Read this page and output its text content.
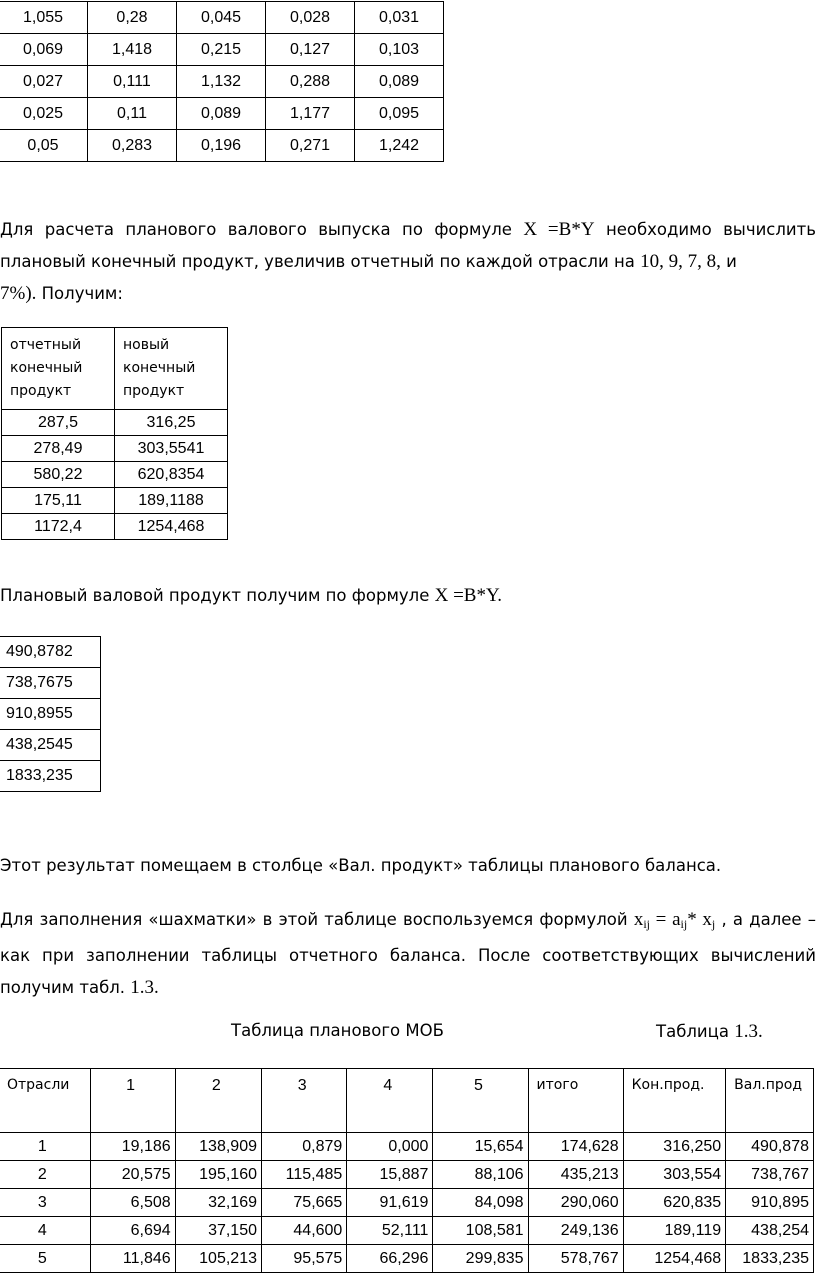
1,055	0,28	0,045	0,028	0,031
0,069	1,418	0,215	0,127	0,103
0,027	0,111	1,132	0,288	0,089
0,025	0,11	0,089	1,177	0,095
0,05	0,283	0,196	0,271	1,242
Для расчета планового валового выпуска по формуле X =B*Y необходимо вычислить плановый конечный продукт, увеличив отчетный по каждой отрасли на 10, 9, 7, 8, и
7%). Получим:
отчетный конечный продукт	новый конечный продукт
287,5	316,25
278,49	303,5541
580,22	620,8354
175,11	189,1188
1172,4	1254,468
Плановый валовой продукт получим по формуле X =B*Y.
490,8782
738,7675
910,8955
438,2545
1833,235
Этот результат помещаем в столбце «Вал. продукт» таблицы планового баланса.
Для заполнения «шахматки» в этой таблице воспользуемся формулой $x_{ij} = a_{ij}*$ $x_j$ , а далее – как при заполнении таблицы отчетного баланса. После соответствующих вычислений получим табл. 1.3.
Таблица планового МОБ	Таблица 1.3.
Отрасли	1	2	3	4	5	итого	Кон.прод.	Вал.прод
1	19,186	138,909	0,879	0,000	15,654	174,628	316,250	490,878
2	20,575	195,160	115,485	15,887	88,106	435,213	303,554	738,767
3	6,508	32,169	75,665	91,619	84,098	290,060	620,835	910,895
4	6,694	37,150	44,600	52,111	108,581	249,136	189,119	438,254
5	11,846	105,213	95,575	66,296	299,835	578,767	1254,468	1833,235
